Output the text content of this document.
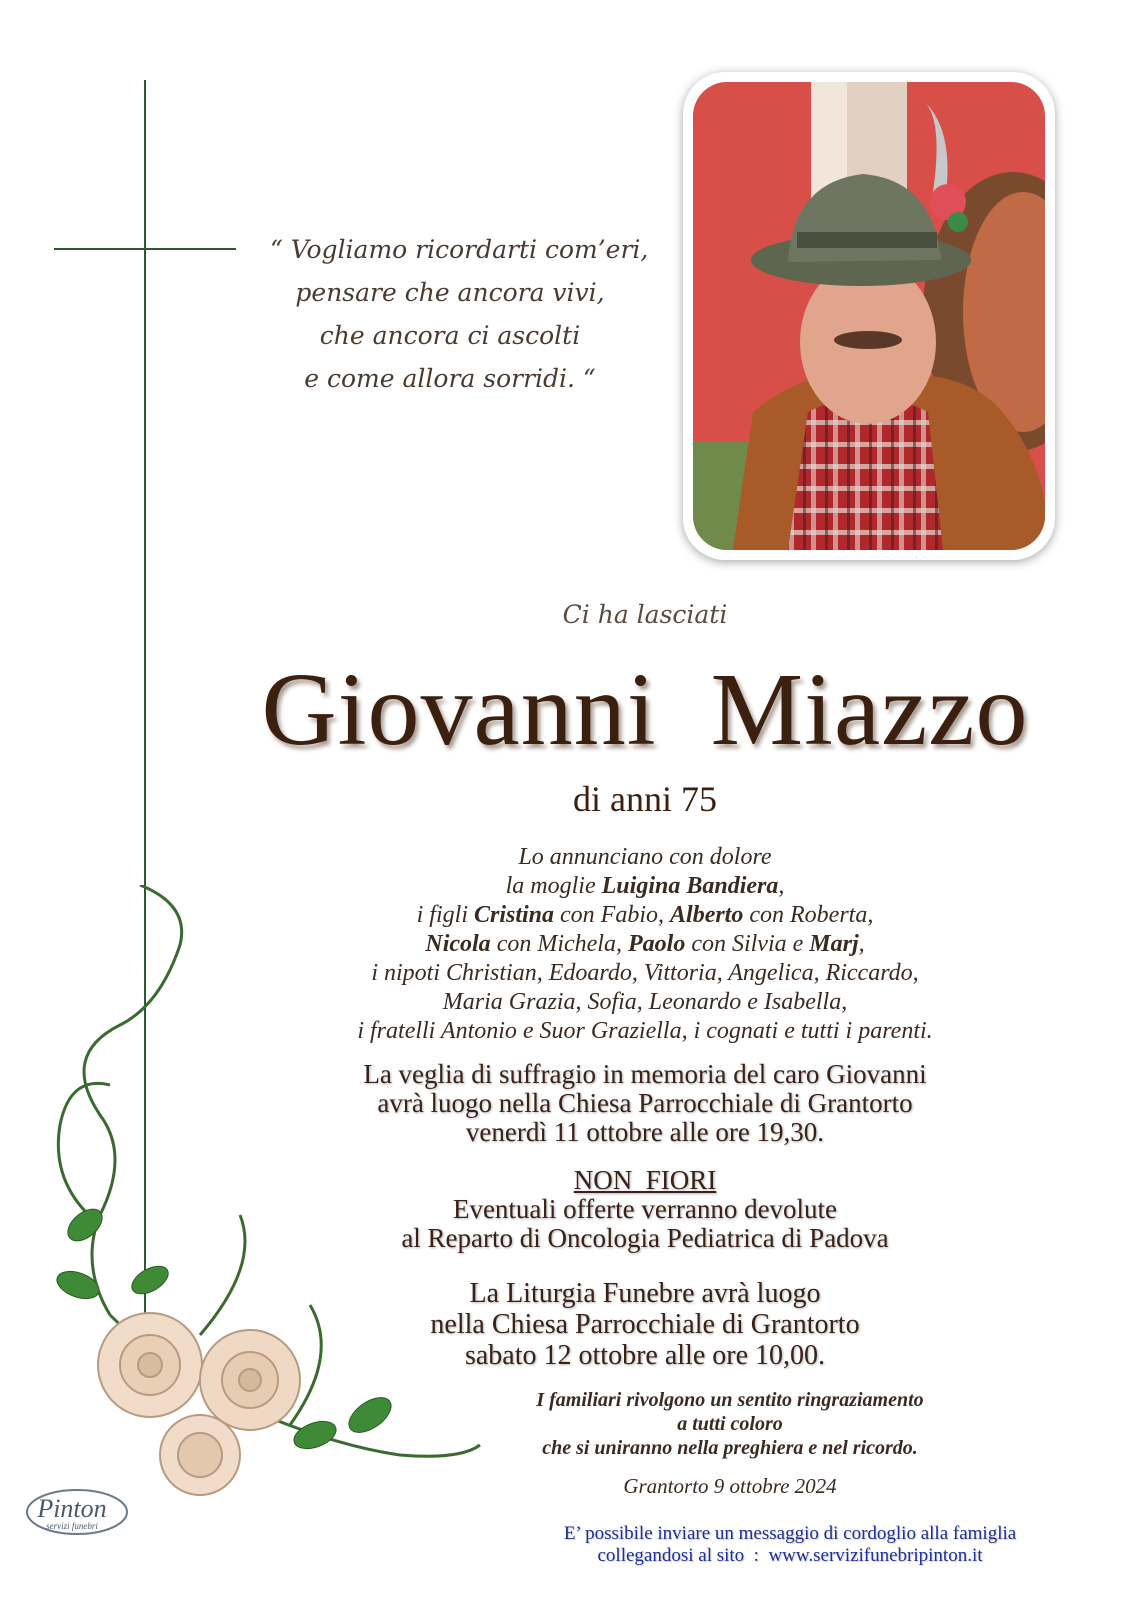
“ Vogliamo ricordarti com’eri,
pensare che ancora vivi,
che ancora ci ascolti
e come allora sorridi. “
Ci ha lasciati
Giovanni  Miazzo
di anni 75
Lo annunciano con dolore
la moglie Luigina Bandiera,
i figli Cristina con Fabio, Alberto con Roberta,
Nicola con Michela, Paolo con Silvia e Marj,
i nipoti Christian, Edoardo, Vittoria, Angelica, Riccardo,
Maria Grazia, Sofia, Leonardo e Isabella,
i fratelli Antonio e Suor Graziella, i cognati e tutti i parenti.
La veglia di suffragio in memoria del caro Giovanni
avrà luogo nella Chiesa Parrocchiale di Grantorto
venerdì 11 ottobre alle ore 19,30.
NON  FIORI
Eventuali offerte verranno devolute
al Reparto di Oncologia Pediatrica di Padova
La Liturgia Funebre avrà luogo
nella Chiesa Parrocchiale di Grantorto
sabato 12 ottobre alle ore 10,00.
I familiari rivolgono un sentito ringraziamento
a tutti coloro
che si uniranno nella preghiera e nel ricordo.
Grantorto 9 ottobre 2024
E’ possibile inviare un messaggio di cordoglio alla famiglia
collegandosi al sito  :  www.servizifunebripinton.it
Pinton
servizi funebri
